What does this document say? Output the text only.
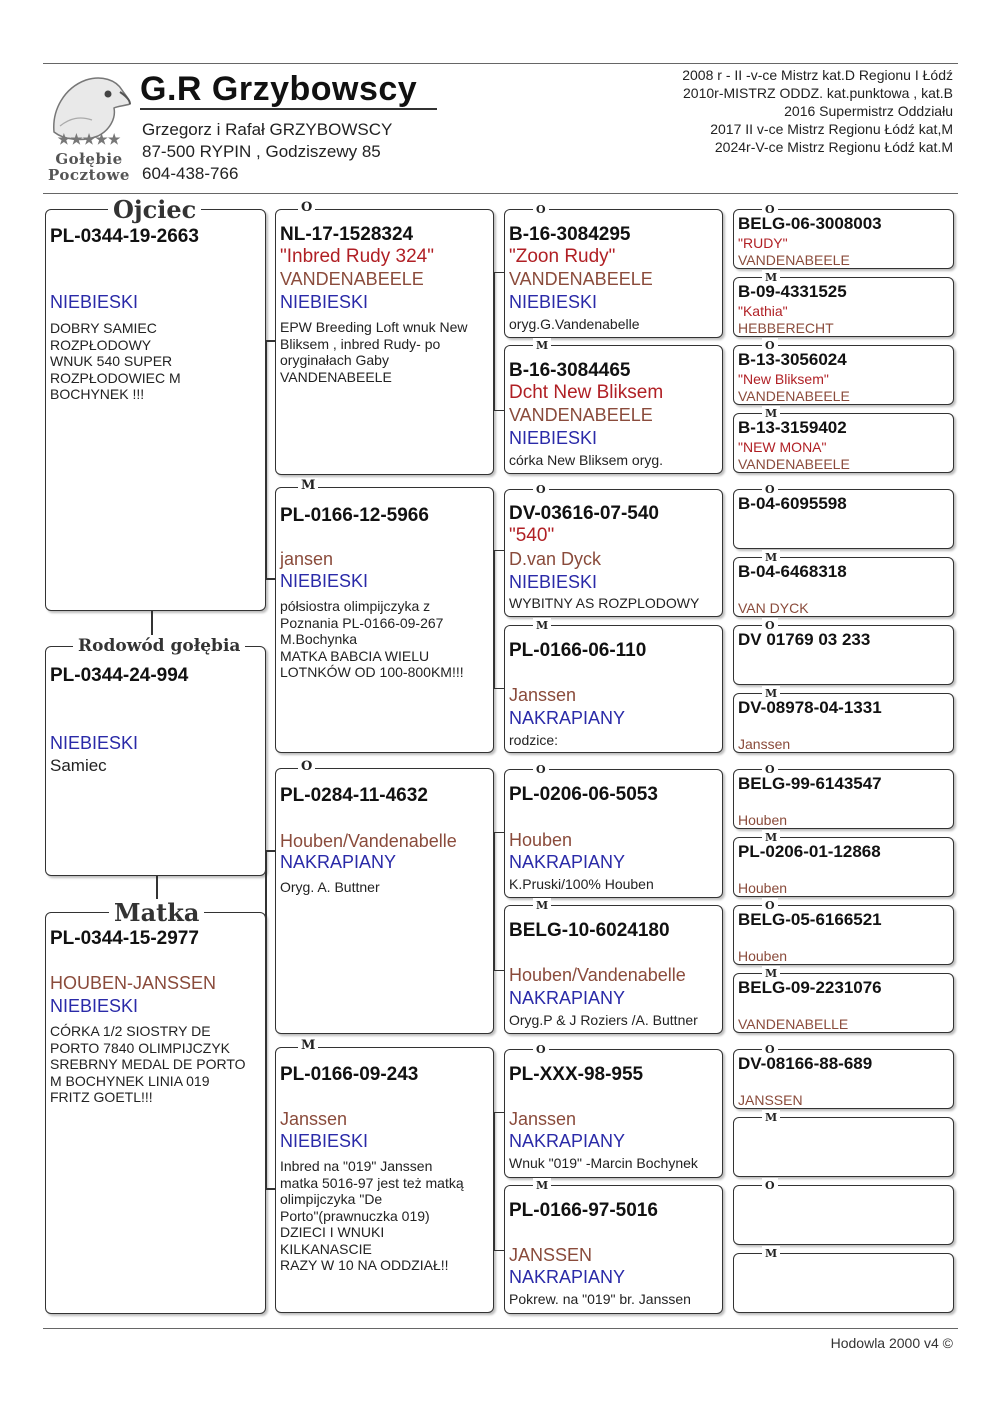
★★★★★
Gołębie
Pocztowe
G.R Grzybowscy
Grzegorz i Rafał GRZYBOWSCY
87-500 RYPIN , Godziszewy 85
604-438-766
2008 r - II -v-ce Mistrz kat.D Regionu I Łódź
2010r-MISTRZ ODDZ. kat.punktowa , kat.B
2016 Supermistrz Oddziału
2017 II v-ce Mistrz Regionu Łódź kat,M
2024r-V-ce Mistrz Regionu Łódź kat.M
Ojciec
PL-0344-19-2663
NIEBIESKI
DOBRY SAMIEC
ROZPŁODOWY
WNUK 540 SUPER
ROZPŁODOWIEC M
BOCHYNEK !!!
Rodowód gołębia
PL-0344-24-994
NIEBIESKI
Samiec
Matka
PL-0344-15-2977
HOUBEN-JANSSEN
NIEBIESKI
CÓRKA 1/2 SIOSTRY DE
PORTO 7840 OLIMPIJCZYK
SREBRNY MEDAL DE PORTO
M BOCHYNEK LINIA 019
FRITZ GOETL!!!
O
NL-17-1528324
"Inbred Rudy 324"
VANDENABEELE
NIEBIESKI
EPW Breeding Loft wnuk New
Bliksem , inbred Rudy- po
oryginałach Gaby
VANDENABEELE
M
PL-0166-12-5966
jansen
NIEBIESKI
półsiostra olimpijczyka z
Poznania PL-0166-09-267
M.Bochynka
MATKA BABCIA WIELU
LOTNKÓW OD 100-800KM!!!
O
PL-0284-11-4632
Houben/Vandenabelle
NAKRAPIANY
Oryg. A. Buttner
M
PL-0166-09-243
Janssen
NIEBIESKI
Inbred na "019" Janssen
matka 5016-97 jest też matką
olimpijczyka "De
Porto"(prawnuczka 019)
DZIECI I WNUKI
KILKANASCIE
RAZY W 10 NA ODDZIAŁ!!
O
B-16-3084295
"Zoon Rudy"
VANDENABEELE
NIEBIESKI
oryg.G.Vandenabelle
M
B-16-3084465
Dcht New Bliksem
VANDENABEELE
NIEBIESKI
córka New Bliksem oryg.
O
DV-03616-07-540
"540"
D.van Dyck
NIEBIESKI
WYBITNY AS ROZPLODOWY
M
PL-0166-06-110
Janssen
NAKRAPIANY
rodzice:
O
PL-0206-06-5053
Houben
NAKRAPIANY
K.Pruski/100% Houben
M
BELG-10-6024180
Houben/Vandenabelle
NAKRAPIANY
Oryg.P & J Roziers /A. Buttner
O
PL-XXX-98-955
Janssen
NAKRAPIANY
Wnuk "019" -Marcin Bochynek
M
PL-0166-97-5016
JANSSEN
NAKRAPIANY
Pokrew. na "019" br. Janssen
O
BELG-06-3008003
"RUDY"
VANDENABEELE
M
B-09-4331525
"Kathia"
HEBBERECHT
O
B-13-3056024
"New Bliksem"
VANDENABEELE
M
B-13-3159402
"NEW MONA"
VANDENABEELE
O
B-04-6095598
M
B-04-6468318
VAN DYCK
O
DV 01769 03 233
M
DV-08978-04-1331
Janssen
O
BELG-99-6143547
Houben
M
PL-0206-01-12868
Houben
O
BELG-05-6166521
Houben
M
BELG-09-2231076
VANDENABELLE
O
DV-08166-88-689
JANSSEN
M
O
M
Hodowla 2000 v4 ©
